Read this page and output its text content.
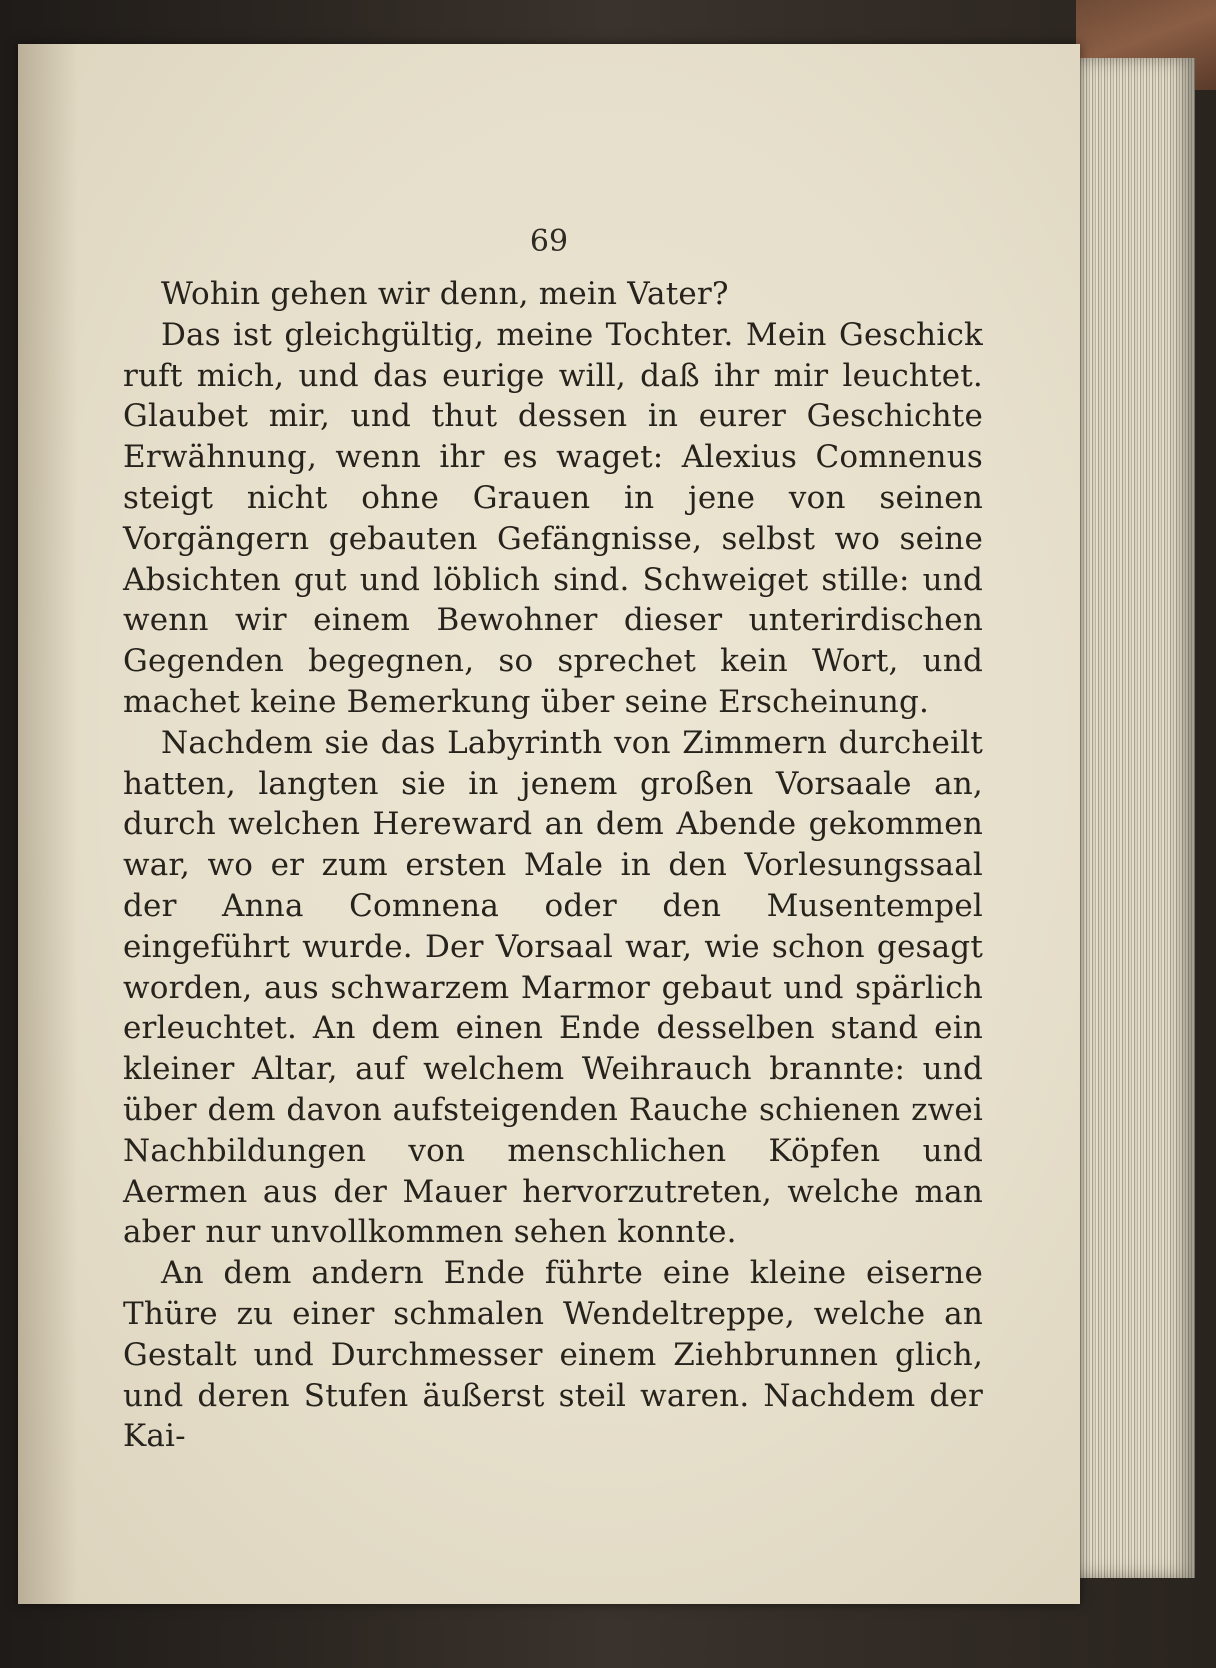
69

Wohin gehen wir denn, mein Vater?

Das ist gleichgültig, meine Tochter. Mein Geschick ruft mich, und das eurige will, daß ihr mir leuchtet. Glaubet mir, und thut dessen in eurer Geschichte Erwähnung, wenn ihr es waget: Alexius Comnenus steigt nicht ohne Grauen in jene von seinen Vorgängern gebauten Gefängnisse, selbst wo seine Absichten gut und löblich sind. Schweiget stille: und wenn wir einem Bewohner dieser unterirdischen Gegenden begegnen, so sprechet kein Wort, und machet keine Bemerkung über seine Erscheinung.

Nachdem sie das Labyrinth von Zimmern durcheilt hatten, langten sie in jenem großen Vorsaale an, durch welchen Hereward an dem Abende gekommen war, wo er zum ersten Male in den Vorlesungssaal der Anna Comnena oder den Musentempel eingeführt wurde. Der Vorsaal war, wie schon gesagt worden, aus schwarzem Marmor gebaut und spärlich erleuchtet. An dem einen Ende desselben stand ein kleiner Altar, auf welchem Weihrauch brannte: und über dem davon aufsteigenden Rauche schienen zwei Nachbildungen von menschlichen Köpfen und Aermen aus der Mauer hervorzutreten, welche man aber nur unvollkommen sehen konnte.

An dem andern Ende führte eine kleine eiserne Thüre zu einer schmalen Wendeltreppe, welche an Gestalt und Durchmesser einem Ziehbrunnen glich, und deren Stufen äußerst steil waren. Nachdem der Kai-
